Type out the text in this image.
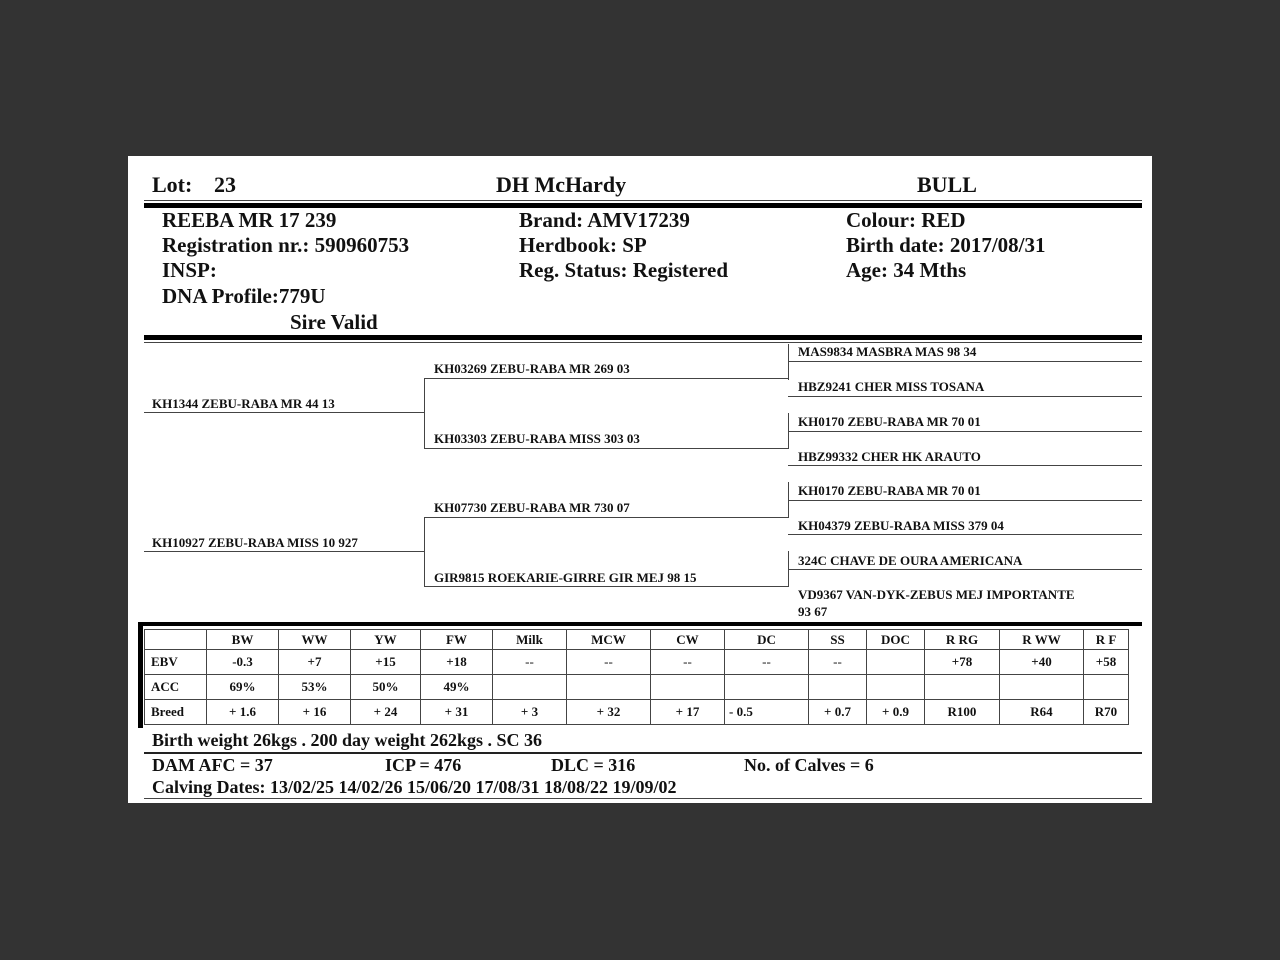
Lot: 23	DH McHardy	BULL
REEBA MR 17 239
Registration nr.: 590960753
INSP:
DNA Profile:779U
Sire Valid
Brand: AMV17239
Herdbook: SP
Reg. Status: Registered
Colour: RED
Birth date: 2017/08/31
Age: 34 Mths
KH1344 ZEBU-RABA MR 44 13
KH10927 ZEBU-RABA MISS 10 927
KH03269 ZEBU-RABA MR 269 03
KH03303 ZEBU-RABA MISS 303 03
KH07730 ZEBU-RABA MR 730 07
GIR9815 ROEKARIE-GIRRE GIR MEJ 98 15
MAS9834 MASBRA MAS 98 34
HBZ9241 CHER MISS TOSANA
KH0170 ZEBU-RABA MR 70 01
HBZ99332 CHER HK ARAUTO
KH0170 ZEBU-RABA MR 70 01
KH04379 ZEBU-RABA MISS 379 04
324C CHAVE DE OURA AMERICANA
VD9367 VAN-DYK-ZEBUS MEJ IMPORTANTE
93 67
	BW	WW	YW	FW	Milk	MCW	CW	DC	SS	DOC	R RG	R WW	R F
EBV	-0.3	+7	+15	+18	--	--	--	--	--		+78	+40	+58
ACC	69%	53%	50%	49%									
Breed	+ 1.6	+ 16	+ 24	+ 31	+ 3	+ 32	+ 17	- 0.5	+ 0.7	+ 0.9	R100	R64	R70
Birth weight 26kgs . 200 day weight 262kgs . SC 36
DAM AFC = 37	ICP = 476	DLC = 316	No. of Calves = 6
Calving Dates: 13/02/25 14/02/26 15/06/20 17/08/31 18/08/22 19/09/02
